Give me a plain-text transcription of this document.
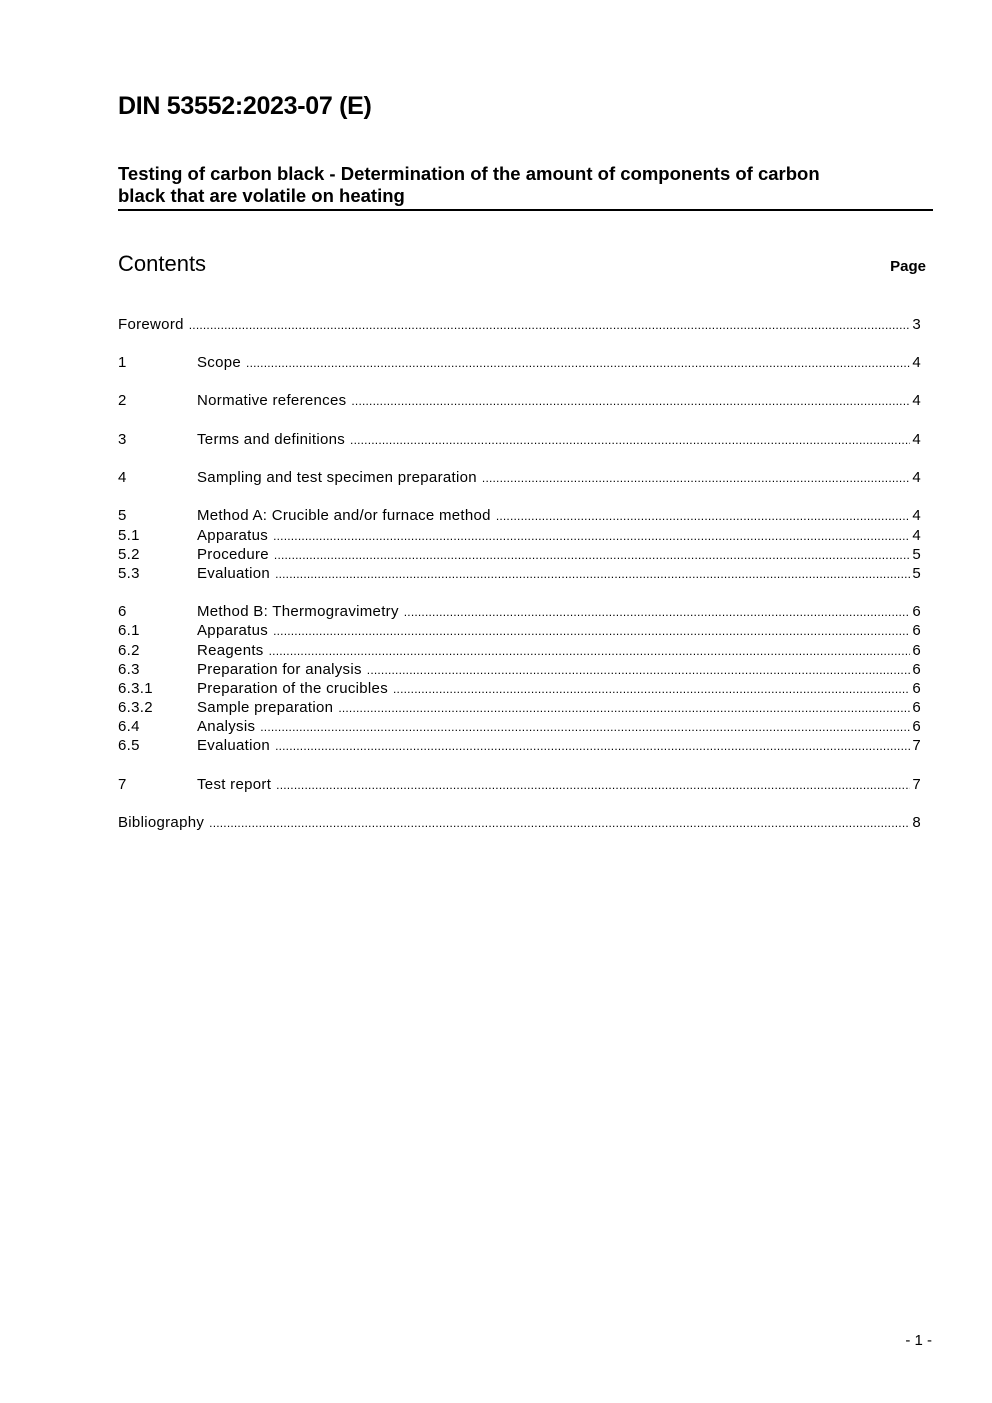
DIN 53552:2023-07 (E)
Testing of carbon black - Determination of the amount of components of carbon
black that are volatile on heating
Contents	Page
Foreword .....	3
1	Scope .....	4
2	Normative references .....	4
3	Terms and definitions .....	4
4	Sampling and test specimen preparation .....	4
5	Method A: Crucible and/or furnace method .....	4
5.1	Apparatus .....	4
5.2	Procedure .....	5
5.3	Evaluation .....	5
6	Method B: Thermogravimetry .....	6
6.1	Apparatus .....	6
6.2	Reagents .....	6
6.3	Preparation for analysis .....	6
6.3.1	Preparation of the crucibles .....	6
6.3.2	Sample preparation .....	6
6.4	Analysis .....	6
6.5	Evaluation .....	7
7	Test report .....	7
Bibliography .....	8
- 1 -
